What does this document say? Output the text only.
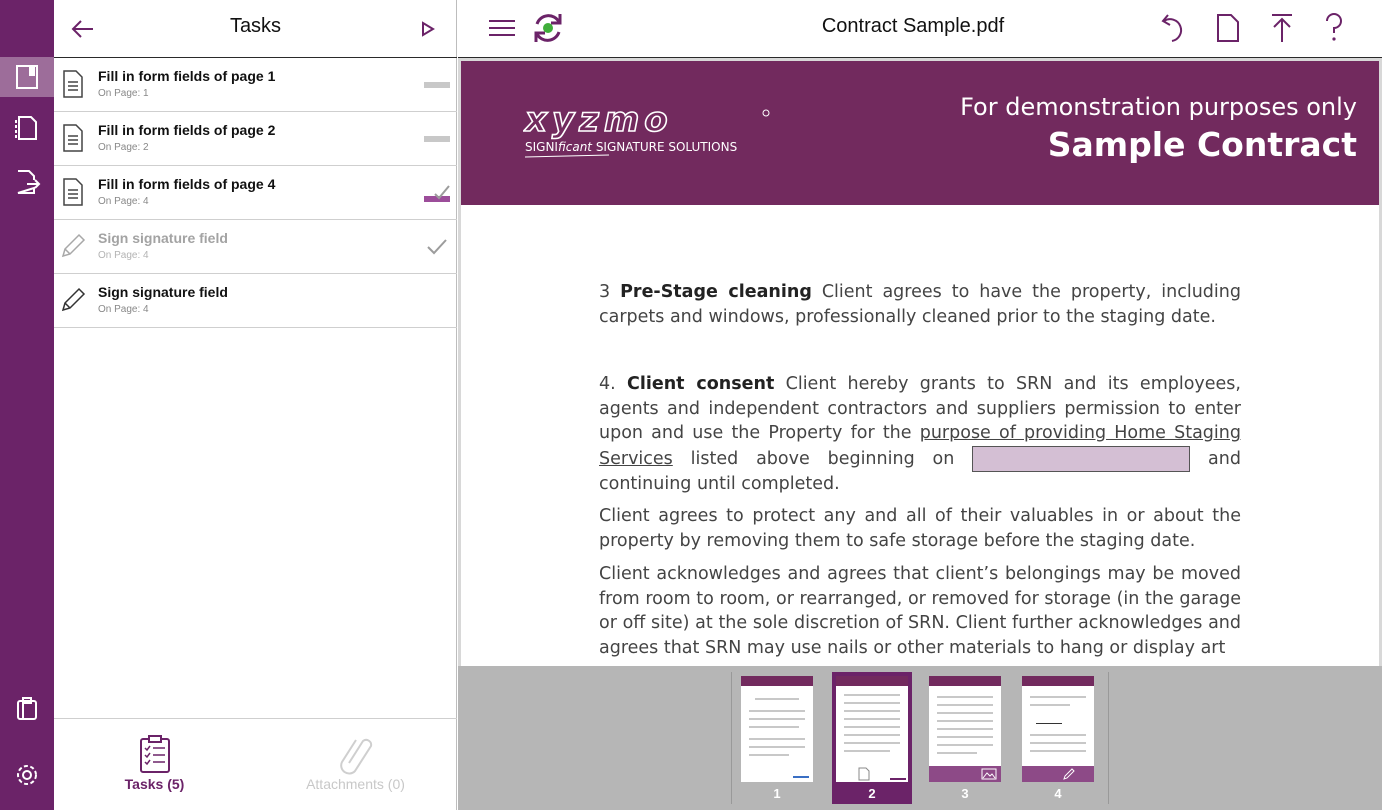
Tasks
Fill in form fields of page 1
On Page: 1
Fill in form fields of page 2
On Page: 2
Fill in form fields of page 4
On Page: 4
Sign signature field
On Page: 4
Sign signature field
On Page: 4
Tasks (5)	Attachments (0)
Contract Sample.pdf
xyzmo
SIGNIficant SIGNATURE SOLUTIONS
For demonstration purposes only
Sample Contract
3 Pre-Stage cleaning Client agrees to have the property, including carpets and windows, professionally cleaned prior to the staging date.
4. Client consent Client hereby grants to SRN and its employees, agents and independent contractors and suppliers permission to enter upon and use the Property for the purpose of providing Home Staging Services listed above beginning on	and continuing until completed.
Client agrees to protect any and all of their valuables in or about the property by removing them to safe storage before the staging date.
Client acknowledges and agrees that client’s belongings may be moved from room to room, or rearranged, or removed for storage (in the garage or off site) at the sole discretion of SRN. Client further acknowledges and agrees that SRN may use nails or other materials to hang or display art
1	2	3	4
